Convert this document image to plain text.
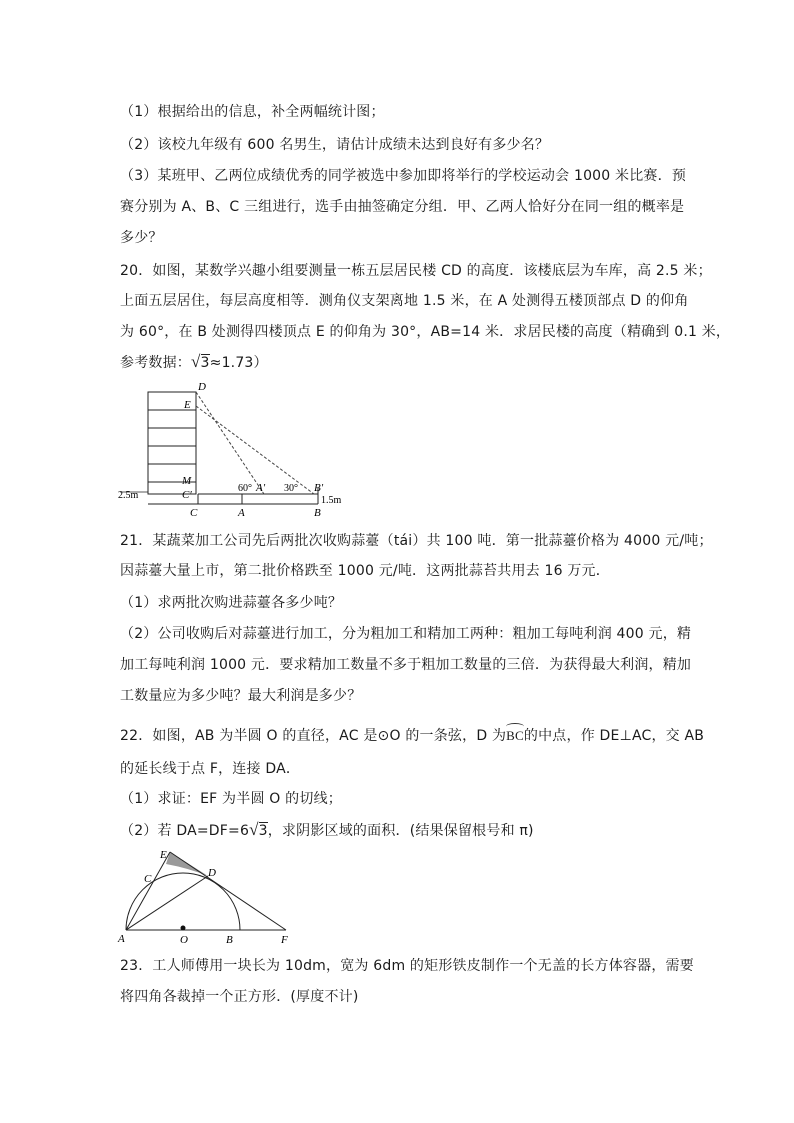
（1）根据给出的信息，补全两幅统计图；
（2）该校九年级有 600 名男生，请估计成绩未达到良好有多少名？
（3）某班甲、乙两位成绩优秀的同学被选中参加即将举行的学校运动会 1000 米比赛．预
赛分别为 A、B、C 三组进行，选手由抽签确定分组．甲、乙两人恰好分在同一组的概率是
多少？
20．如图，某数学兴趣小组要测量一栋五层居民楼 CD 的高度．该楼底层为车库，高 2.5 米；
上面五层居住，每层高度相等．测角仪支架离地 1.5 米，在 A 处测得五楼顶部点 D 的仰角
为 60°，在 B 处测得四楼顶点 E 的仰角为 30°，AB=14 米．求居民楼的高度（精确到 0.1 米，
参考数据：√3≈1.73）
D
E
M
C′
C
60° A′ 30° B′
A	B
2.5m	1.5m
21．某蔬菜加工公司先后两批次收购蒜薹（tái）共 100 吨．第一批蒜薹价格为 4000 元/吨；
因蒜薹大量上市，第二批价格跌至 1000 元/吨．这两批蒜苔共用去 16 万元．
（1）求两批次购进蒜薹各多少吨？
（2）公司收购后对蒜薹进行加工，分为粗加工和精加工两种：粗加工每吨利润 400 元，精
加工每吨利润 1000 元．要求精加工数量不多于粗加工数量的三倍．为获得最大利润，精加
工数量应为多少吨？最大利润是多少？
22．如图，AB 为半圆 O 的直径，AC 是⊙O 的一条弦，D 为BC的中点，作 DE⊥AC，交 AB
的延长线于点 F，连接 DA．
（1）求证：EF 为半圆 O 的切线；
（2）若 DA=DF=6√3，求阴影区域的面积．(结果保留根号和 π)
E
C	D
A	O	B	F
23．工人师傅用一块长为 10dm，宽为 6dm 的矩形铁皮制作一个无盖的长方体容器，需要
将四角各裁掉一个正方形．(厚度不计)
